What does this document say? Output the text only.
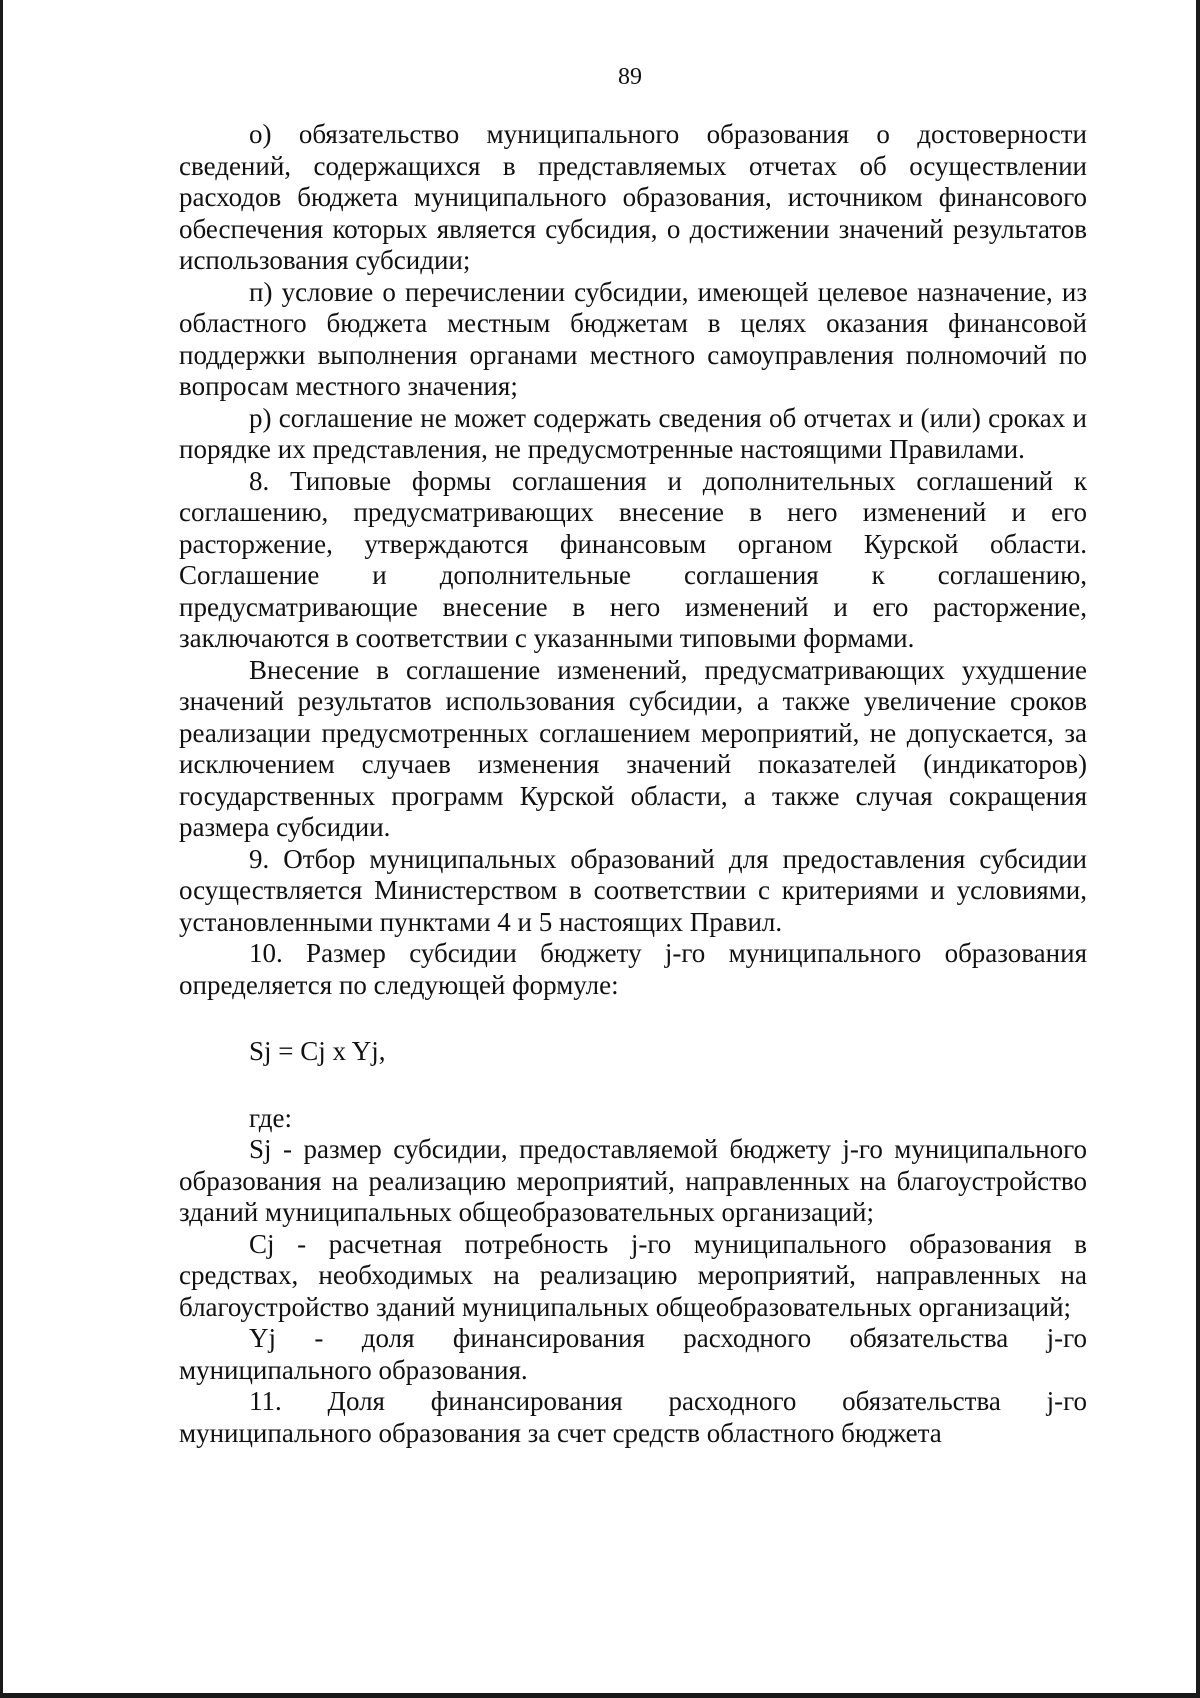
89

о) обязательство муниципального образования о достоверности сведений, содержащихся в представляемых отчетах об осуществлении расходов бюджета муниципального образования, источником финансового обеспечения которых является субсидия, о достижении значений результатов использования субсидии;

п) условие о перечислении субсидии, имеющей целевое назначение, из областного бюджета местным бюджетам в целях оказания финансовой поддержки выполнения органами местного самоуправления полномочий по вопросам местного значения;

р) соглашение не может содержать сведения об отчетах и (или) сроках и порядке их представления, не предусмотренные настоящими Правилами.

8. Типовые формы соглашения и дополнительных соглашений к соглашению, предусматривающих внесение в него изменений и его расторжение, утверждаются финансовым органом Курской области. Соглашение и дополнительные соглашения к соглашению, предусматривающие внесение в него изменений и его расторжение, заключаются в соответствии с указанными типовыми формами.

Внесение в соглашение изменений, предусматривающих ухудшение значений результатов использования субсидии, а также увеличение сроков реализации предусмотренных соглашением мероприятий, не допускается, за исключением случаев изменения значений показателей (индикаторов) государственных программ Курской области, а также случая сокращения размера субсидии.

9. Отбор муниципальных образований для предоставления субсидии осуществляется Министерством в соответствии с критериями и условиями, установленными пунктами 4 и 5 настоящих Правил.

10. Размер субсидии бюджету j-го муниципального образования определяется по следующей формуле:

Sj = Cj x Yj,

где:

Sj - размер субсидии, предоставляемой бюджету j-го муниципального образования на реализацию мероприятий, направленных на благоустройство зданий муниципальных общеобразовательных организаций;

Cj - расчетная потребность j-го муниципального образования в средствах, необходимых на реализацию мероприятий, направленных на благоустройство зданий муниципальных общеобразовательных организаций;

Yj - доля финансирования расходного обязательства j-го муниципального образования.

11. Доля финансирования расходного обязательства j-го муниципального образования за счет средств областного бюджета
